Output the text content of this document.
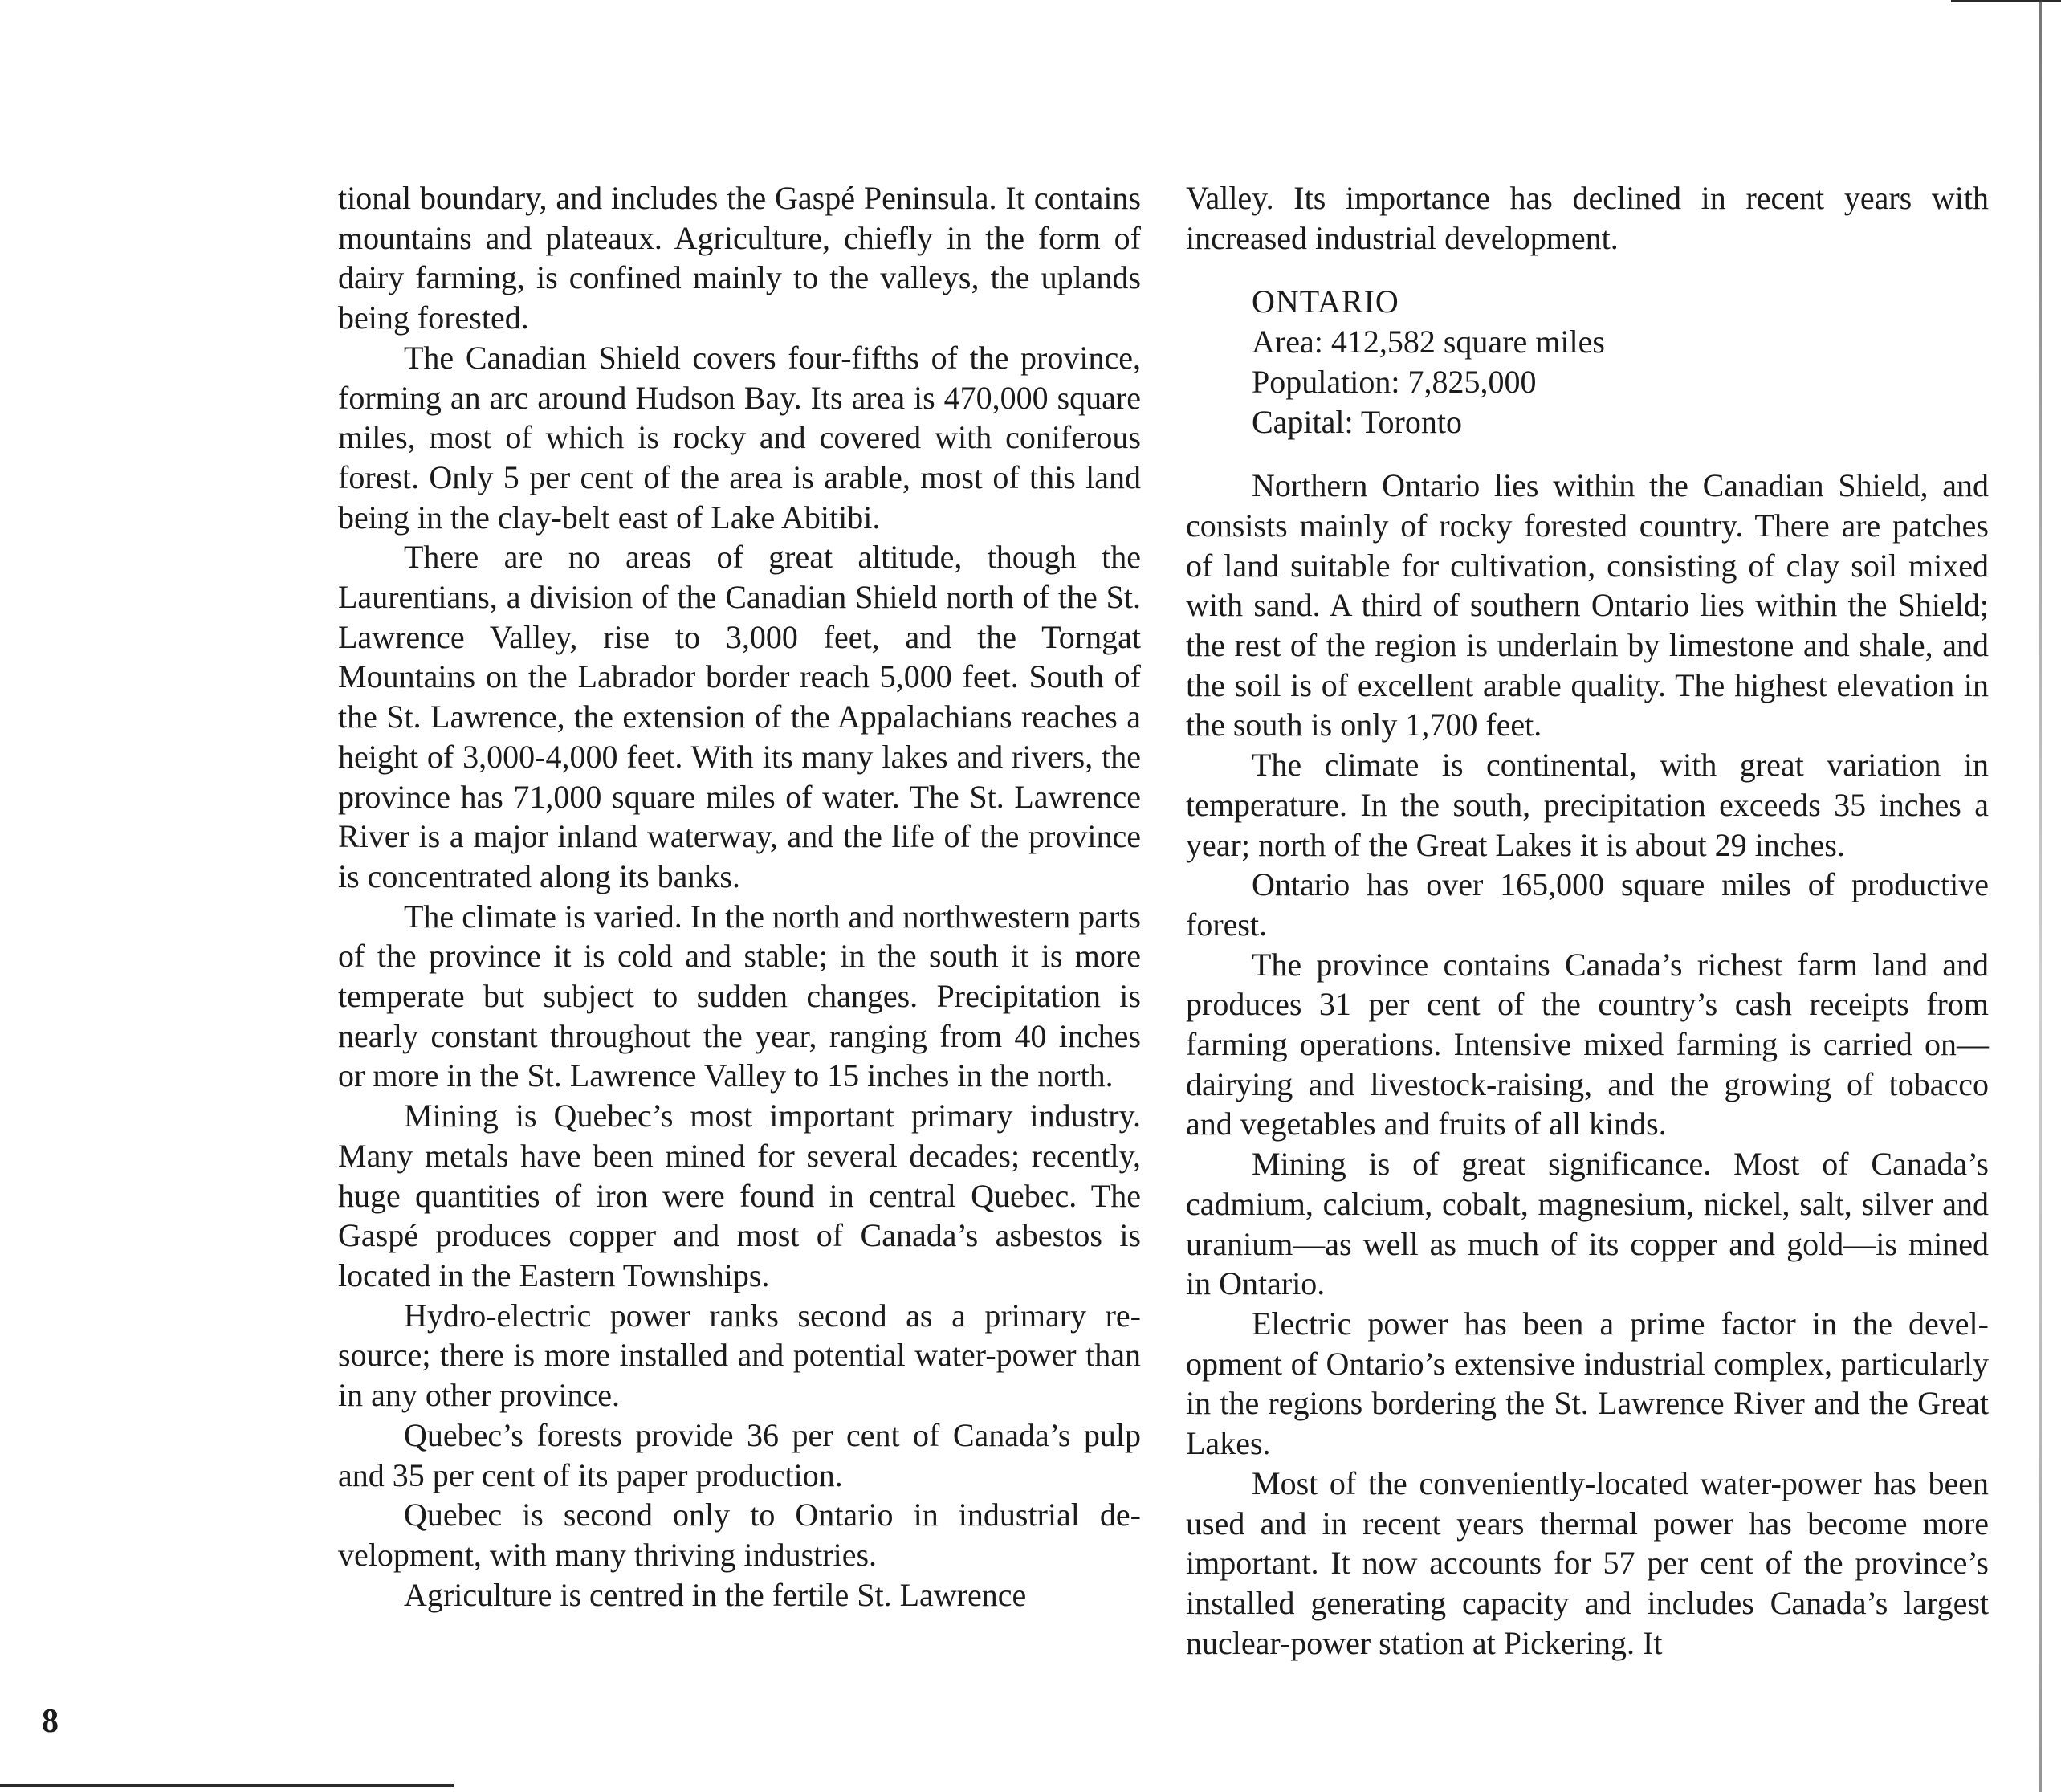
tional boundary, and includes the Gaspé Peninsula. It contains mountains and plateaux. Agriculture, chiefly in the form of dairy farming, is confined mainly to the valleys, the uplands being forested.

The Canadian Shield covers four-fifths of the province, forming an arc around Hudson Bay. Its area is 470,000 square miles, most of which is rocky and covered with coniferous forest. Only 5 per cent of the area is arable, most of this land being in the clay-belt east of Lake Abitibi.

There are no areas of great altitude, though the Laurentians, a division of the Canadian Shield north of the St. Lawrence Valley, rise to 3,000 feet, and the Torngat Mountains on the Labrador border reach 5,000 feet. South of the St. Lawrence, the extension of the Appalachians reaches a height of 3,000-4,000 feet. With its many lakes and rivers, the province has 71,000 square miles of water. The St. Lawrence River is a major inland waterway, and the life of the province is concentrated along its banks.

The climate is varied. In the north and northwestern parts of the province it is cold and stable; in the south it is more temperate but subject to sudden changes. Precipitation is nearly constant throughout the year, ranging from 40 inches or more in the St. Lawrence Valley to 15 inches in the north.

Mining is Quebec’s most important primary industry. Many metals have been mined for several decades; recently, huge quantities of iron were found in central Quebec. The Gaspé produces copper and most of Canada’s asbestos is located in the Eastern Townships.

Hydro-electric power ranks second as a primary resource; there is more installed and potential water-power than in any other province.

Quebec’s forests provide 36 per cent of Canada’s pulp and 35 per cent of its paper production.

Quebec is second only to Ontario in industrial development, with many thriving industries.

Agriculture is centred in the fertile St. Lawrence

Valley. Its importance has declined in recent years with increased industrial development.

ONTARIO

Area: 412,582 square miles
Population: 7,825,000
Capital: Toronto

Northern Ontario lies within the Canadian Shield, and consists mainly of rocky forested country. There are patches of land suitable for cultivation, consisting of clay soil mixed with sand. A third of southern Ontario lies within the Shield; the rest of the region is underlain by limestone and shale, and the soil is of excellent arable quality. The highest elevation in the south is only 1,700 feet.

The climate is continental, with great variation in temperature. In the south, precipitation exceeds 35 inches a year; north of the Great Lakes it is about 29 inches.

Ontario has over 165,000 square miles of productive forest.

The province contains Canada’s richest farm land and produces 31 per cent of the country’s cash receipts from farming operations. Intensive mixed farming is carried on—dairying and livestock-raising, and the growing of tobacco and vegetables and fruits of all kinds.

Mining is of great significance. Most of Canada’s cadmium, calcium, cobalt, magnesium, nickel, salt, silver and uranium—as well as much of its copper and gold—is mined in Ontario.

Electric power has been a prime factor in the development of Ontario’s extensive industrial complex, particularly in the regions bordering the St. Lawrence River and the Great Lakes.

Most of the conveniently-located water-power has been used and in recent years thermal power has become more important. It now accounts for 57 per cent of the province’s installed generating capacity and includes Canada’s largest nuclear-power station at Pickering. It

8
